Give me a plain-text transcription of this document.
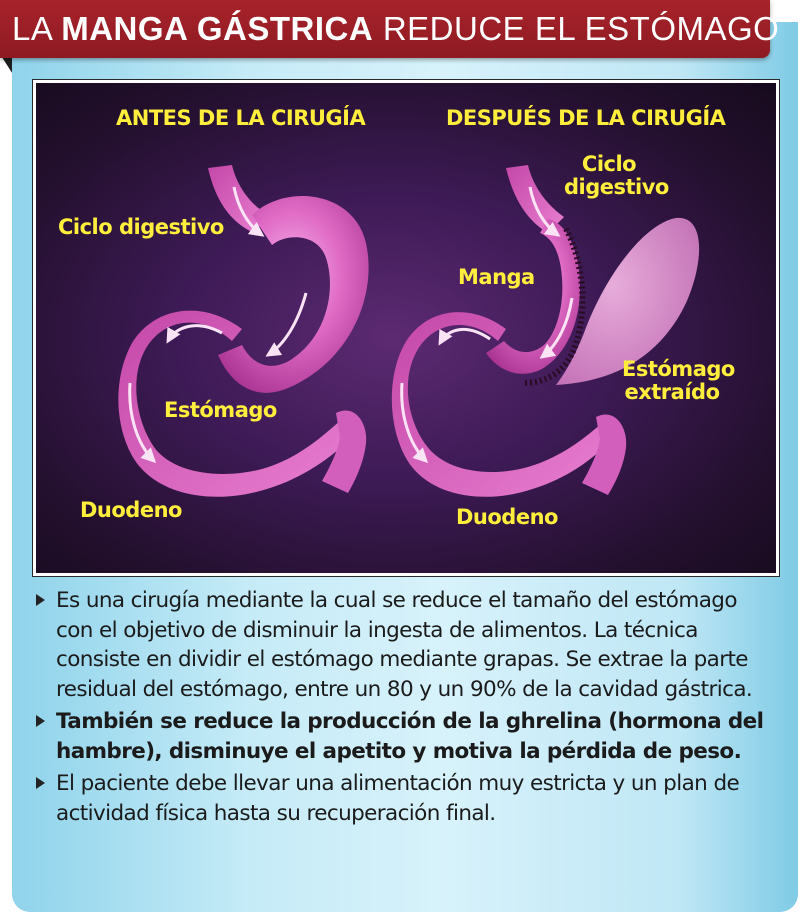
LA MANGA GÁSTRICA REDUCE EL ESTÓMAGO
ANTES DE LA CIRUGÍA	DESPUÉS DE LA CIRUGÍA
Ciclo digestivo
Estómago
Duodeno
Ciclo
digestivo
Manga
Estómago
extraído
Duodeno
Es una cirugía mediante la cual se reduce el tamaño del estómago con el objetivo de disminuir la ingesta de alimentos. La técnica consiste en dividir el estómago mediante grapas. Se extrae la parte residual del estómago, entre un 80 y un 90% de la cavidad gástrica.
También se reduce la producción de la ghrelina (hormona del hambre), disminuye el apetito y motiva la pérdida de peso.
El paciente debe llevar una alimentación muy estricta y un plan de actividad física hasta su recuperación final.
